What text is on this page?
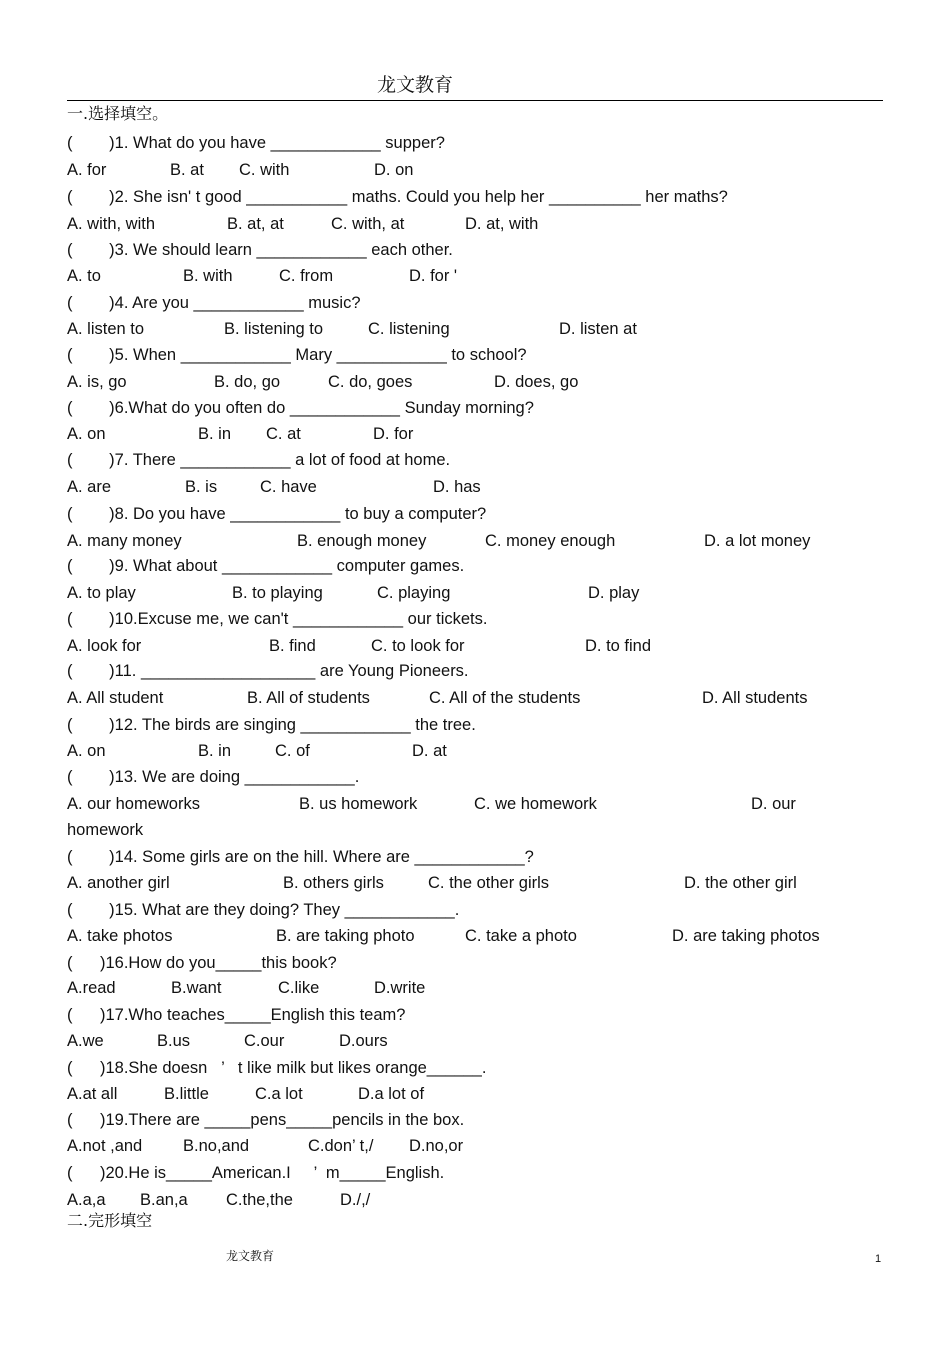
龙文教育
一.选择填空。
(        )1. What do you have ____________ supper?
A. for	B. at C. with	D. on
(        )2. She isn' t good ___________ maths. Could you help her __________ her maths?
A. with, with	B. at, at	C. with, at	D. at, with
(        )3. We should learn ____________ each other.
A. to	B. with	C. from	D. for '
(        )4. Are you ____________ music?
A. listen to	B. listening to	C. listening	D. listen at
(        )5. When ____________ Mary ____________ to school?
A. is, go	B. do, go	C. do, goes	D. does, go
(        )6.What do you often do ____________ Sunday morning?
A. on	B. in C. at	D. for
(        )7. There ____________ a lot of food at home.
A. are	B. is	C. have	D. has
(        )8. Do you have ____________ to buy a computer?
A. many money	B. enough money	C. money enough	D. a lot money
(        )9. What about ____________ computer games.
A. to play	B. to playing	C. playing	D. play
(        )10.Excuse me, we can't ____________ our tickets.
A. look for	B. find	C. to look for	D. to find
(        )11. ___________________ are Young Pioneers.
A. All student	B. All of students	C. All of the students	D. All students
(        )12. The birds are singing ____________ the tree.
A. on	B. in	C. of	D. at
(        )13. We are doing ____________.
A. our homeworks	B. us homework	C. we homework	D. our
homework
(        )14. Some girls are on the hill. Where are ____________?
A. another girl	B. others girls	C. the other girls	D. the other girl
(        )15. What are they doing? They ____________.
A. take photos	B. are taking photo	C. take a photo	D. are taking photos
(      )16.How do you_____this book?
A.read	B.want	C.like	D.write
(      )17.Who teaches_____English this team?
A.we	B.us	C.our	D.ours
(      )18.She doesn   ’   t like milk but likes orange______.
A.at all	B.little	C.a lot	D.a lot of
(      )19.There are _____pens_____pencils in the box.
A.not ,and B.no,and	C.don’ t,/ D.no,or
(      )20.He is_____American.I     ’  m_____English.
A.a,a B.an,a C.the,the	D./,/
二.完形填空
龙文教育	1
